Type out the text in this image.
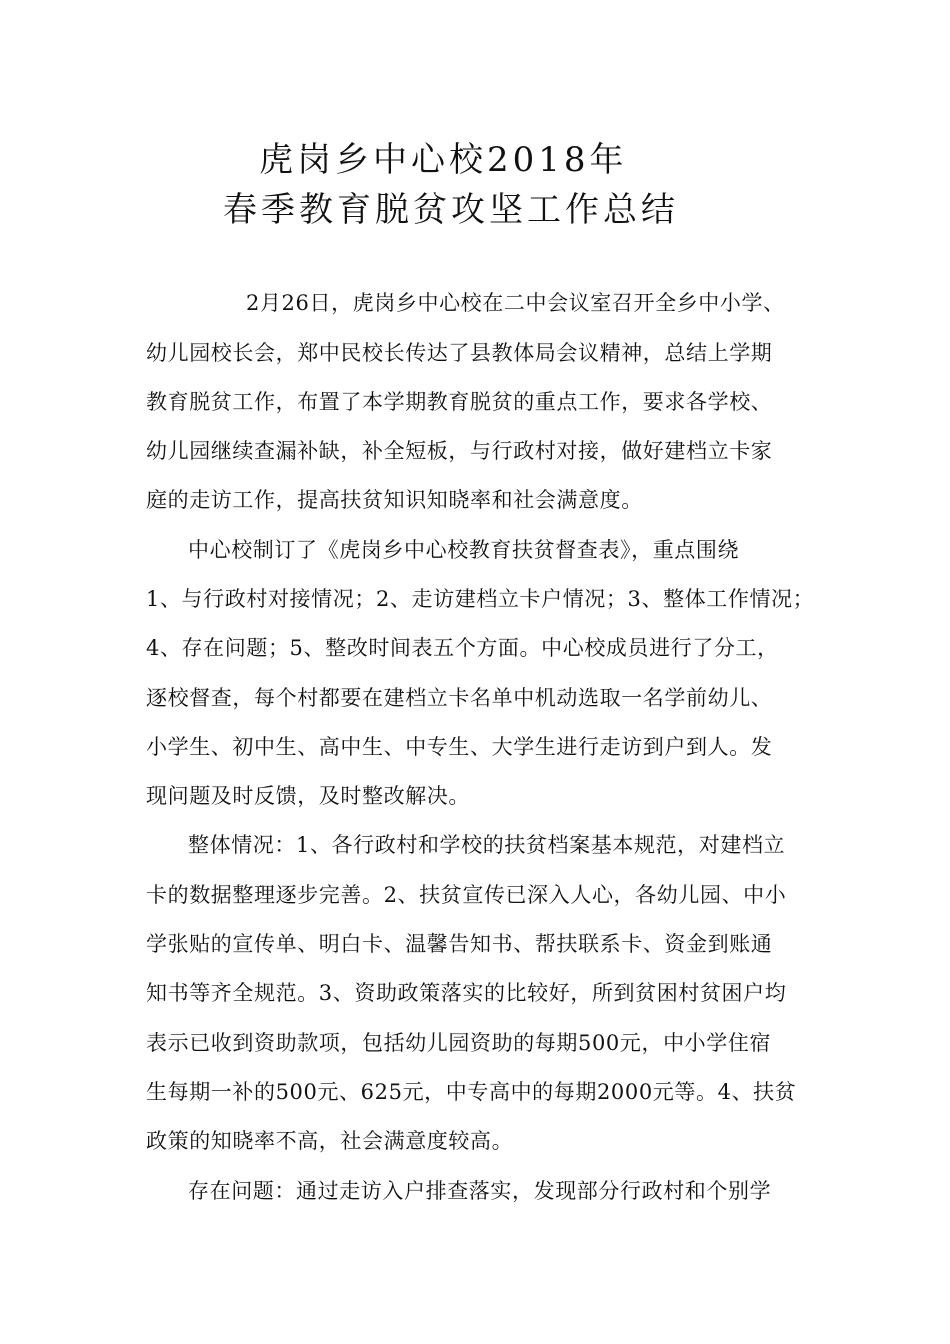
虎岗乡中心校2018年
春季教育脱贫攻坚工作总结
2月26日，虎岗乡中心校在二中会议室召开全乡中小学、
幼儿园校长会，郑中民校长传达了县教体局会议精神，总结上学期
教育脱贫工作，布置了本学期教育脱贫的重点工作，要求各学校、
幼儿园继续查漏补缺，补全短板，与行政村对接，做好建档立卡家
庭的走访工作，提高扶贫知识知晓率和社会满意度。
中心校制订了《虎岗乡中心校教育扶贫督查表》，重点围绕
1、与行政村对接情况；2、走访建档立卡户情况；3、整体工作情况；
4、存在问题；5、整改时间表五个方面。中心校成员进行了分工，
逐校督查，每个村都要在建档立卡名单中机动选取一名学前幼儿、
小学生、初中生、高中生、中专生、大学生进行走访到户到人。发
现问题及时反馈，及时整改解决。
整体情况：1、各行政村和学校的扶贫档案基本规范，对建档立
卡的数据整理逐步完善。2、扶贫宣传已深入人心，各幼儿园、中小
学张贴的宣传单、明白卡、温馨告知书、帮扶联系卡、资金到账通
知书等齐全规范。3、资助政策落实的比较好，所到贫困村贫困户均
表示已收到资助款项，包括幼儿园资助的每期500元，中小学住宿
生每期一补的500元、625元，中专高中的每期2000元等。4、扶贫
政策的知晓率不高，社会满意度较高。
存在问题：通过走访入户排查落实，发现部分行政村和个别学
